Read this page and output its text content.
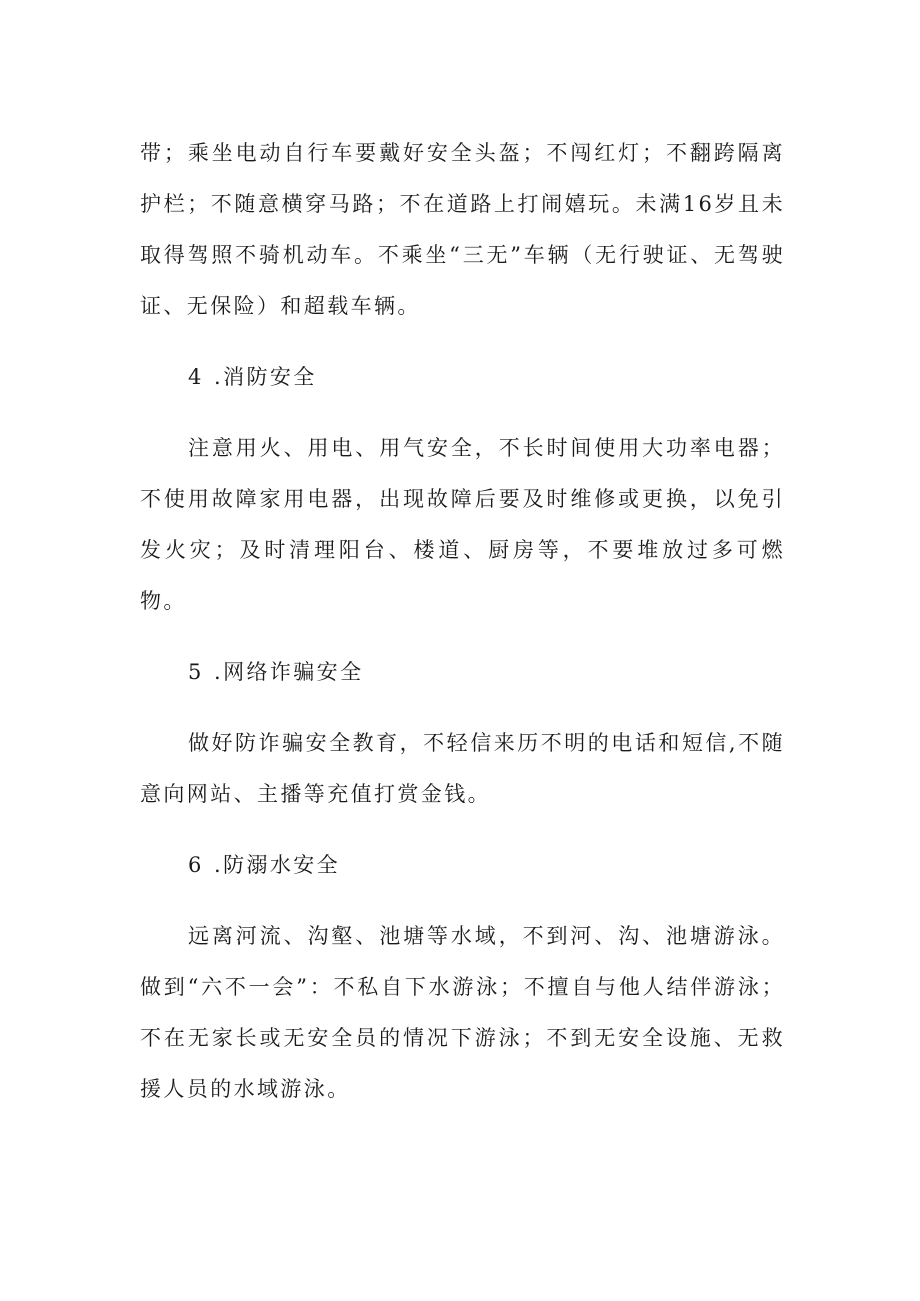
带；乘坐电动自行车要戴好安全头盔；不闯红灯；不翻跨隔离护栏；不随意横穿马路；不在道路上打闹嬉玩。未满16岁且未取得驾照不骑机动车。不乘坐“三无”车辆（无行驶证、无驾驶证、无保险）和超载车辆。

4 .消防安全

注意用火、用电、用气安全，不长时间使用大功率电器；不使用故障家用电器，出现故障后要及时维修或更换，以免引发火灾；及时清理阳台、楼道、厨房等，不要堆放过多可燃物。

5 .网络诈骗安全

做好防诈骗安全教育，不轻信来历不明的电话和短信,不随意向网站、主播等充值打赏金钱。

6 .防溺水安全

远离河流、沟壑、池塘等水域，不到河、沟、池塘游泳。做到“六不一会”：不私自下水游泳；不擅自与他人结伴游泳；不在无家长或无安全员的情况下游泳；不到无安全设施、无救援人员的水域游泳。
